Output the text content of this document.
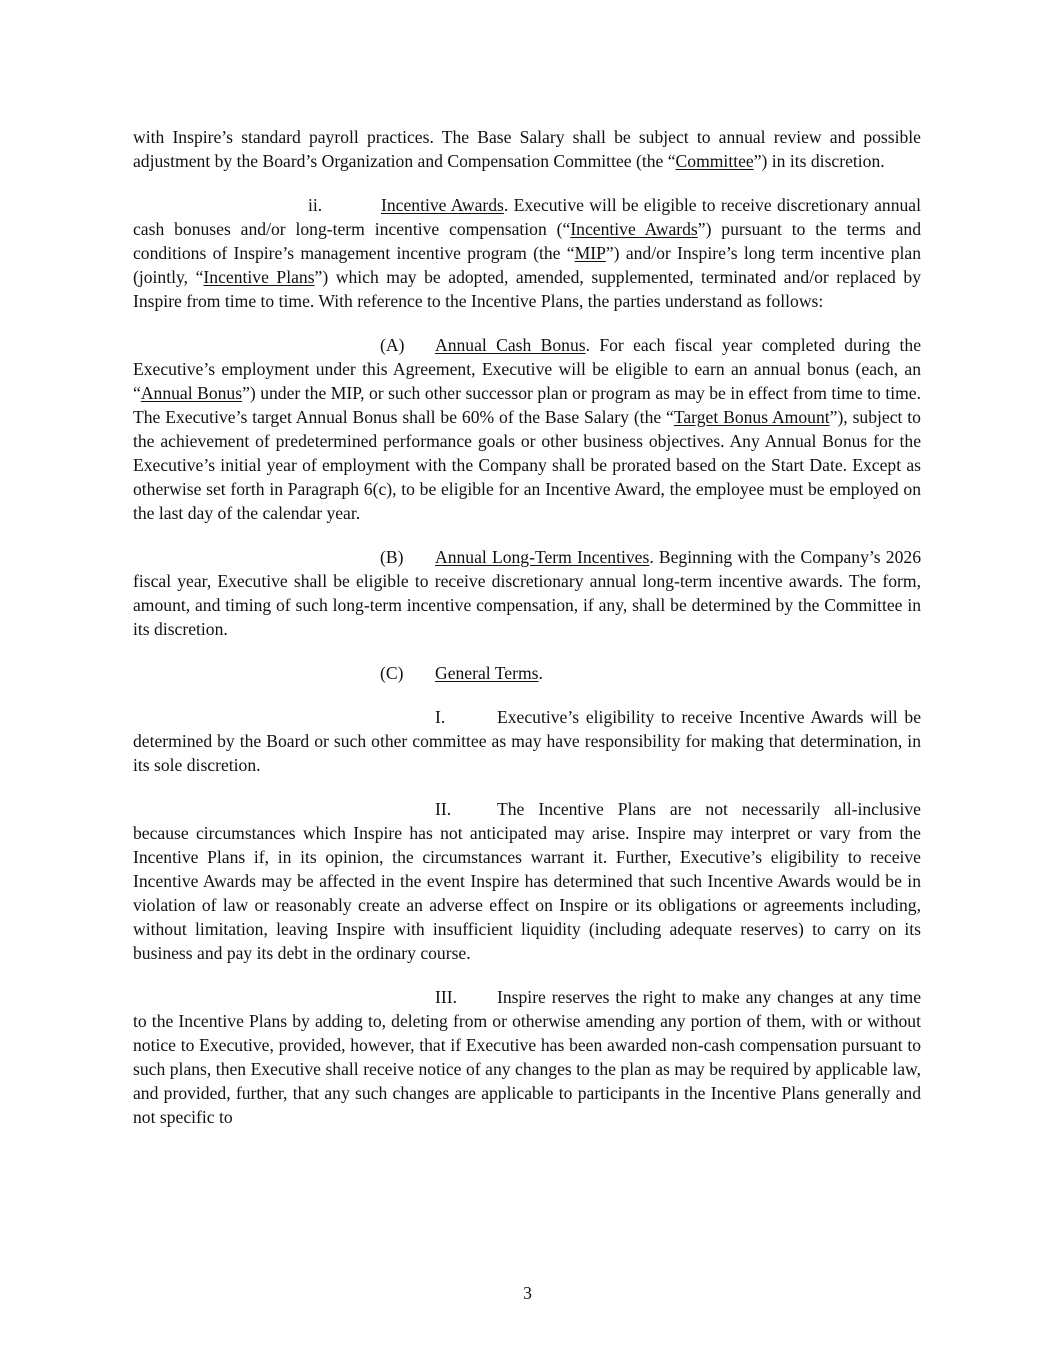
with Inspire’s standard payroll practices. The Base Salary shall be subject to annual review and possible adjustment by the Board’s Organization and Compensation Committee (the “Committee”) in its discretion.

ii.	Incentive Awards. Executive will be eligible to receive discretionary annual cash bonuses and/or long-term incentive compensation (“Incentive Awards”) pursuant to the terms and conditions of Inspire’s management incentive program (the “MIP”) and/or Inspire’s long term incentive plan (jointly, “Incentive Plans”) which may be adopted, amended, supplemented, terminated and/or replaced by Inspire from time to time. With reference to the Incentive Plans, the parties understand as follows:

(A) Annual Cash Bonus. For each fiscal year completed during the Executive’s employment under this Agreement, Executive will be eligible to earn an annual bonus (each, an “Annual Bonus”) under the MIP, or such other successor plan or program as may be in effect from time to time. The Executive’s target Annual Bonus shall be 60% of the Base Salary (the “Target Bonus Amount”), subject to the achievement of predetermined performance goals or other business objectives. Any Annual Bonus for the Executive’s initial year of employment with the Company shall be prorated based on the Start Date. Except as otherwise set forth in Paragraph 6(c), to be eligible for an Incentive Award, the employee must be employed on the last day of the calendar year.

(B) Annual Long-Term Incentives. Beginning with the Company’s 2026 fiscal year, Executive shall be eligible to receive discretionary annual long-term incentive awards. The form, amount, and timing of such long-term incentive compensation, if any, shall be determined by the Committee in its discretion.

(C) General Terms.

I.	Executive’s eligibility to receive Incentive Awards will be determined by the Board or such other committee as may have responsibility for making that determination, in its sole discretion.

II.	The Incentive Plans are not necessarily all-inclusive because circumstances which Inspire has not anticipated may arise. Inspire may interpret or vary from the Incentive Plans if, in its opinion, the circumstances warrant it. Further, Executive’s eligibility to receive Incentive Awards may be affected in the event Inspire has determined that such Incentive Awards would be in violation of law or reasonably create an adverse effect on Inspire or its obligations or agreements including, without limitation, leaving Inspire with insufficient liquidity (including adequate reserves) to carry on its business and pay its debt in the ordinary course.

III. Inspire reserves the right to make any changes at any time to the Incentive Plans by adding to, deleting from or otherwise amending any portion of them, with or without notice to Executive, provided, however, that if Executive has been awarded non-cash compensation pursuant to such plans, then Executive shall receive notice of any changes to the plan as may be required by applicable law, and provided, further, that any such changes are applicable to participants in the Incentive Plans generally and not specific to

3
